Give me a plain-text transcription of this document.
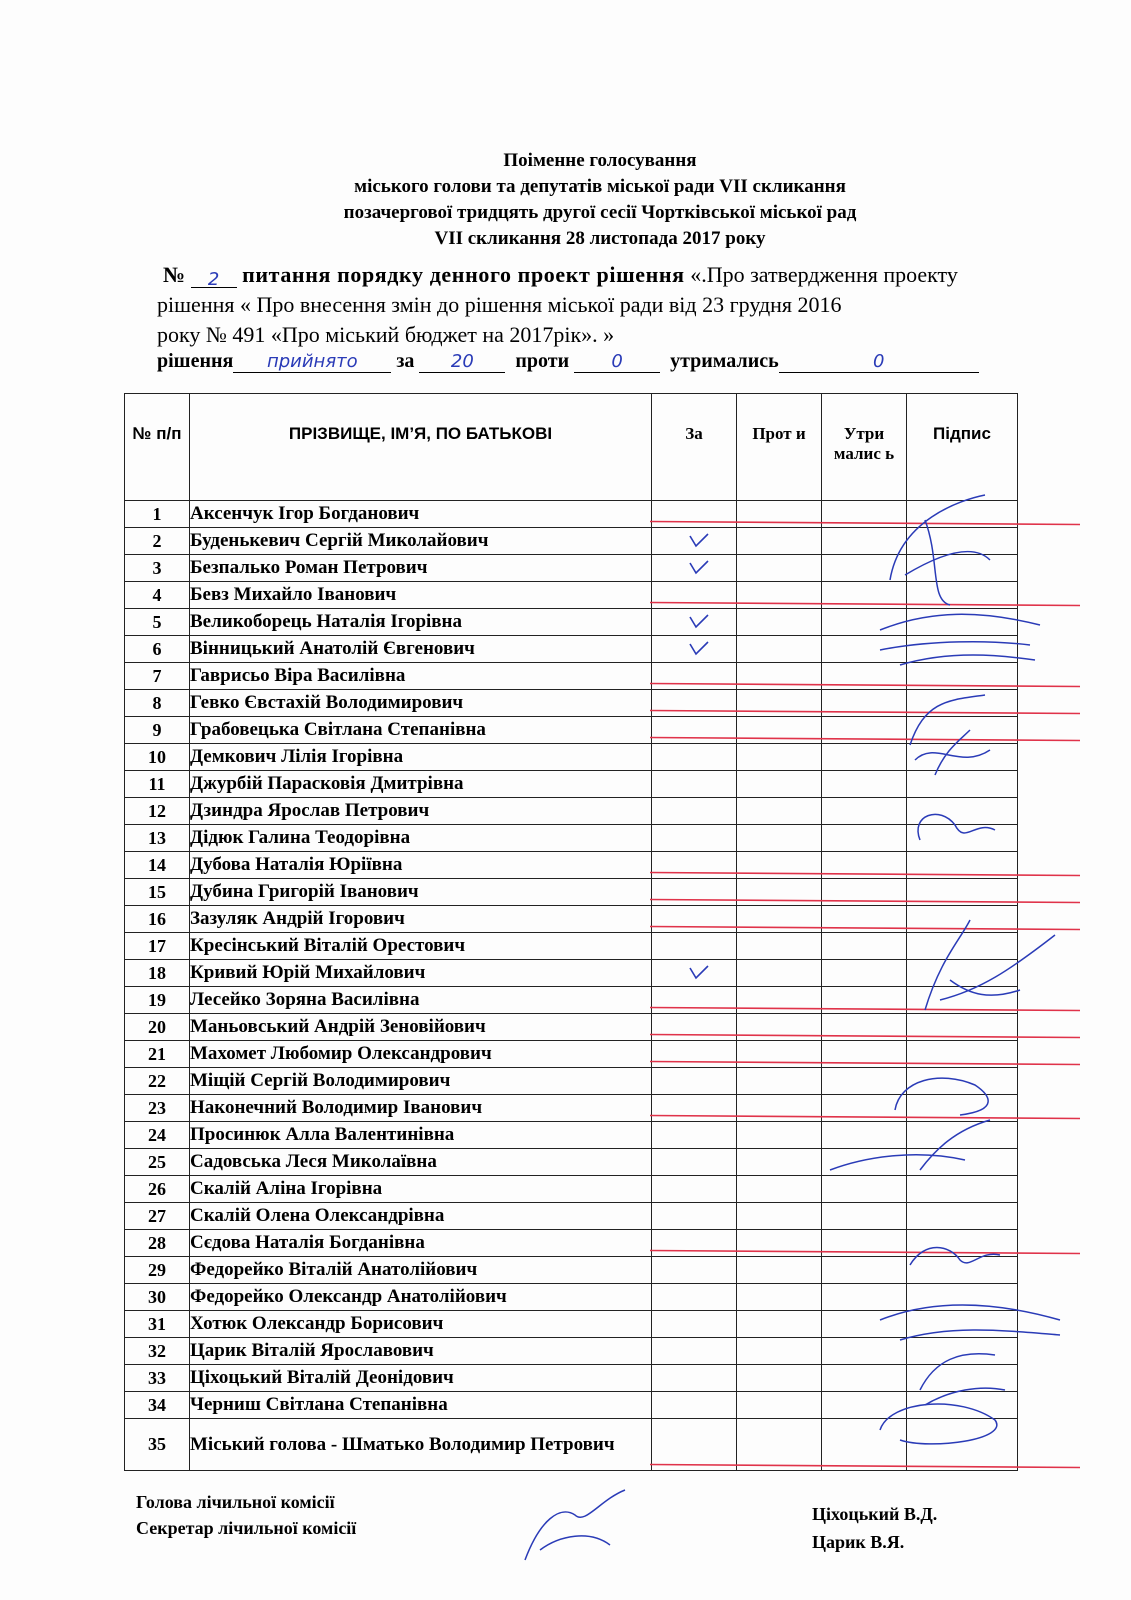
Поіменне голосування
міського голови та депутатів міської ради VІІ скликання
позачергової тридцять другої сесії Чортківської міської рад
VІІ скликання 28 листопада 2017 року
№ 2 питання порядку денного проект рішення «.Про затвердження проекту
рішення « Про внесення змін до рішення міської ради від 23 грудня 2016
року № 491 «Про міський бюджет на 2017рік». »
рішення прийнято за 20 проти 0 утримались	0
№ п/п	ПРІЗВИЩЕ, ІМ’Я, ПО БАТЬКОВІ	За	Прот и	Утри малис ь	Підпис
1	Аксенчук Ігор Богданович				
2	Буденькевич Сергій Миколайович				
3	Безпалько Роман Петрович				
4	Бевз Михайло Іванович				
5	Великоборець Наталія Ігорівна				
6	Вінницький Анатолій Євгенович				
7	Гаврисьо Віра Василівна				
8	Гевко Євстахій Володимирович				
9	Грабовецька Світлана Степанівна				
10	Демкович Лілія Ігорівна				
11	Джурбій Парасковія Дмитрівна				
12	Дзиндра Ярослав Петрович				
13	Дідюк Галина Теодорівна				
14	Дубова Наталія Юріївна				
15	Дубина Григорій Іванович				
16	Зазуляк Андрій Ігорович				
17	Кресінський Віталій Орестович				
18	Кривий Юрій Михайлович				
19	Лесейко Зоряна Василівна				
20	Маньовський Андрій Зеновійович				
21	Махомет Любомир Олександрович				
22	Міщій Сергій Володимирович				
23	Наконечний Володимир Іванович				
24	Просинюк Алла Валентинівна				
25	Садовська Леся Миколаївна				
26	Скалій Аліна Ігорівна				
27	Скалій Олена Олександрівна				
28	Сєдова Наталія Богданівна				
29	Федорейко Віталій Анатолійович				
30	Федорейко Олександр Анатолійович				
31	Хотюк Олександр Борисович				
32	Царик Віталій Ярославович				
33	Ціхоцький Віталій Деонідович				
34	Черниш Світлана Степанівна				
35	Міський голова - Шматько Володимир Петрович				
Голова лічильної комісії
Секретар лічильної комісії
Ціхоцький В.Д.
Царик В.Я.
